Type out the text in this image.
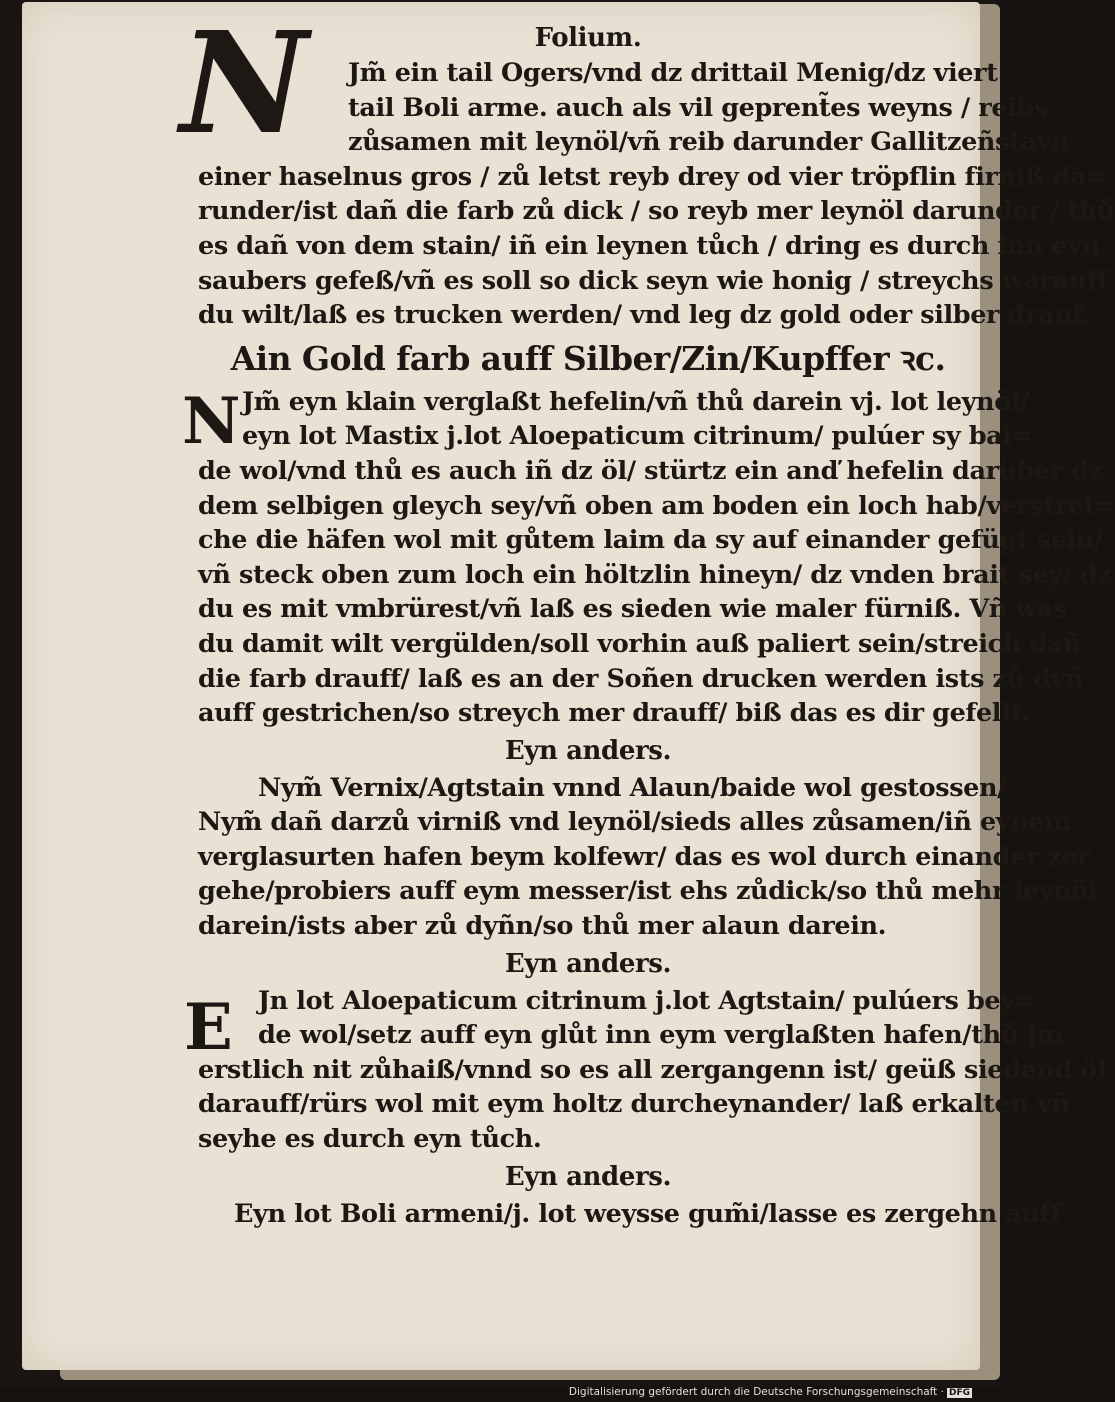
N
N
E
Folium.
Jm̃ ein tail Ogers/vnd dz drittail Menig/dz viert
tail Boli arme. auch als vil geprent̃es weyns / reibs
zůsamen mit leynöl/vñ reib darunder Gallitzeñstayn
einer haselnus gros / zů letst reyb drey od vier tröpflin firniß da=
runder/ist dañ die farb zů dick / so reyb mer leynöl darunder / thů
es dañ von dem stain/ iñ ein leynen tůch / dring es durch inn eyn
saubers gefeß/vñ es soll so dick seyn wie honig / streychs warauff
du wilt/laß es trucken werden/ vnd leg dz gold oder silber drauf.
Ain Gold farb auff Silber/Zin/Kupffer ꝛc.
Jm̃ eyn klain verglaßt hefelin/vñ thů darein vj. lot leynöl/
eyn lot Mastix j.lot Aloepaticum citrinum/ pulúer sy bai=
de wol/vnd thů es auch iñ dz öl/ stürtz ein anď hefelin darüber dz
dem selbigen gleych sey/vñ oben am boden ein loch hab/verstrei=
che die häfen wol mit gůtem laim da sy auf einander gefügt sein/
vñ steck oben zum loch ein höltzlin hineyn/ dz vnden brait sey/ dz
du es mit vmbrürest/vñ laß es sieden wie maler fürniß. Vñ was
du damit wilt vergülden/soll vorhin auß paliert sein/streich dañ
die farb drauff/ laß es an der Soñen drucken werden ists zů dyñ
auff gestrichen/so streych mer drauff/ biß das es dir gefellt.
Eyn anders.
Nym̃ Vernix/Agtstain vnnd Alaun/baide wol gestossen/
Nym̃ dañ darzů virniß vnd leynöl/sieds alles zůsamen/iñ eynem
verglasurten hafen beym kolfewr/ das es wol durch einander zer
gehe/probiers auff eym messer/ist ehs zůdick/so thů mehr leynöl
darein/ists aber zů dyñn/so thů mer alaun darein.
Eyn anders.
Jn lot Aloepaticum citrinum j.lot Agtstain/ pulúers bey=
de wol/setz auff eyn glůt inn eym verglaßten hafen/thů jm
erstlich nit zůhaiß/vnnd so es all zergangenn ist/ geüß siedend öl
darauff/rürs wol mit eym holtz durcheynander/ laß erkalten vñ
seyhe es durch eyn tůch.
Eyn anders.
Eyn lot Boli armeni/j. lot weysse gum̃i/lasse es zergehn auff
Digitalisierung gefördert durch die Deutsche Forschungsgemeinschaft · DFG
